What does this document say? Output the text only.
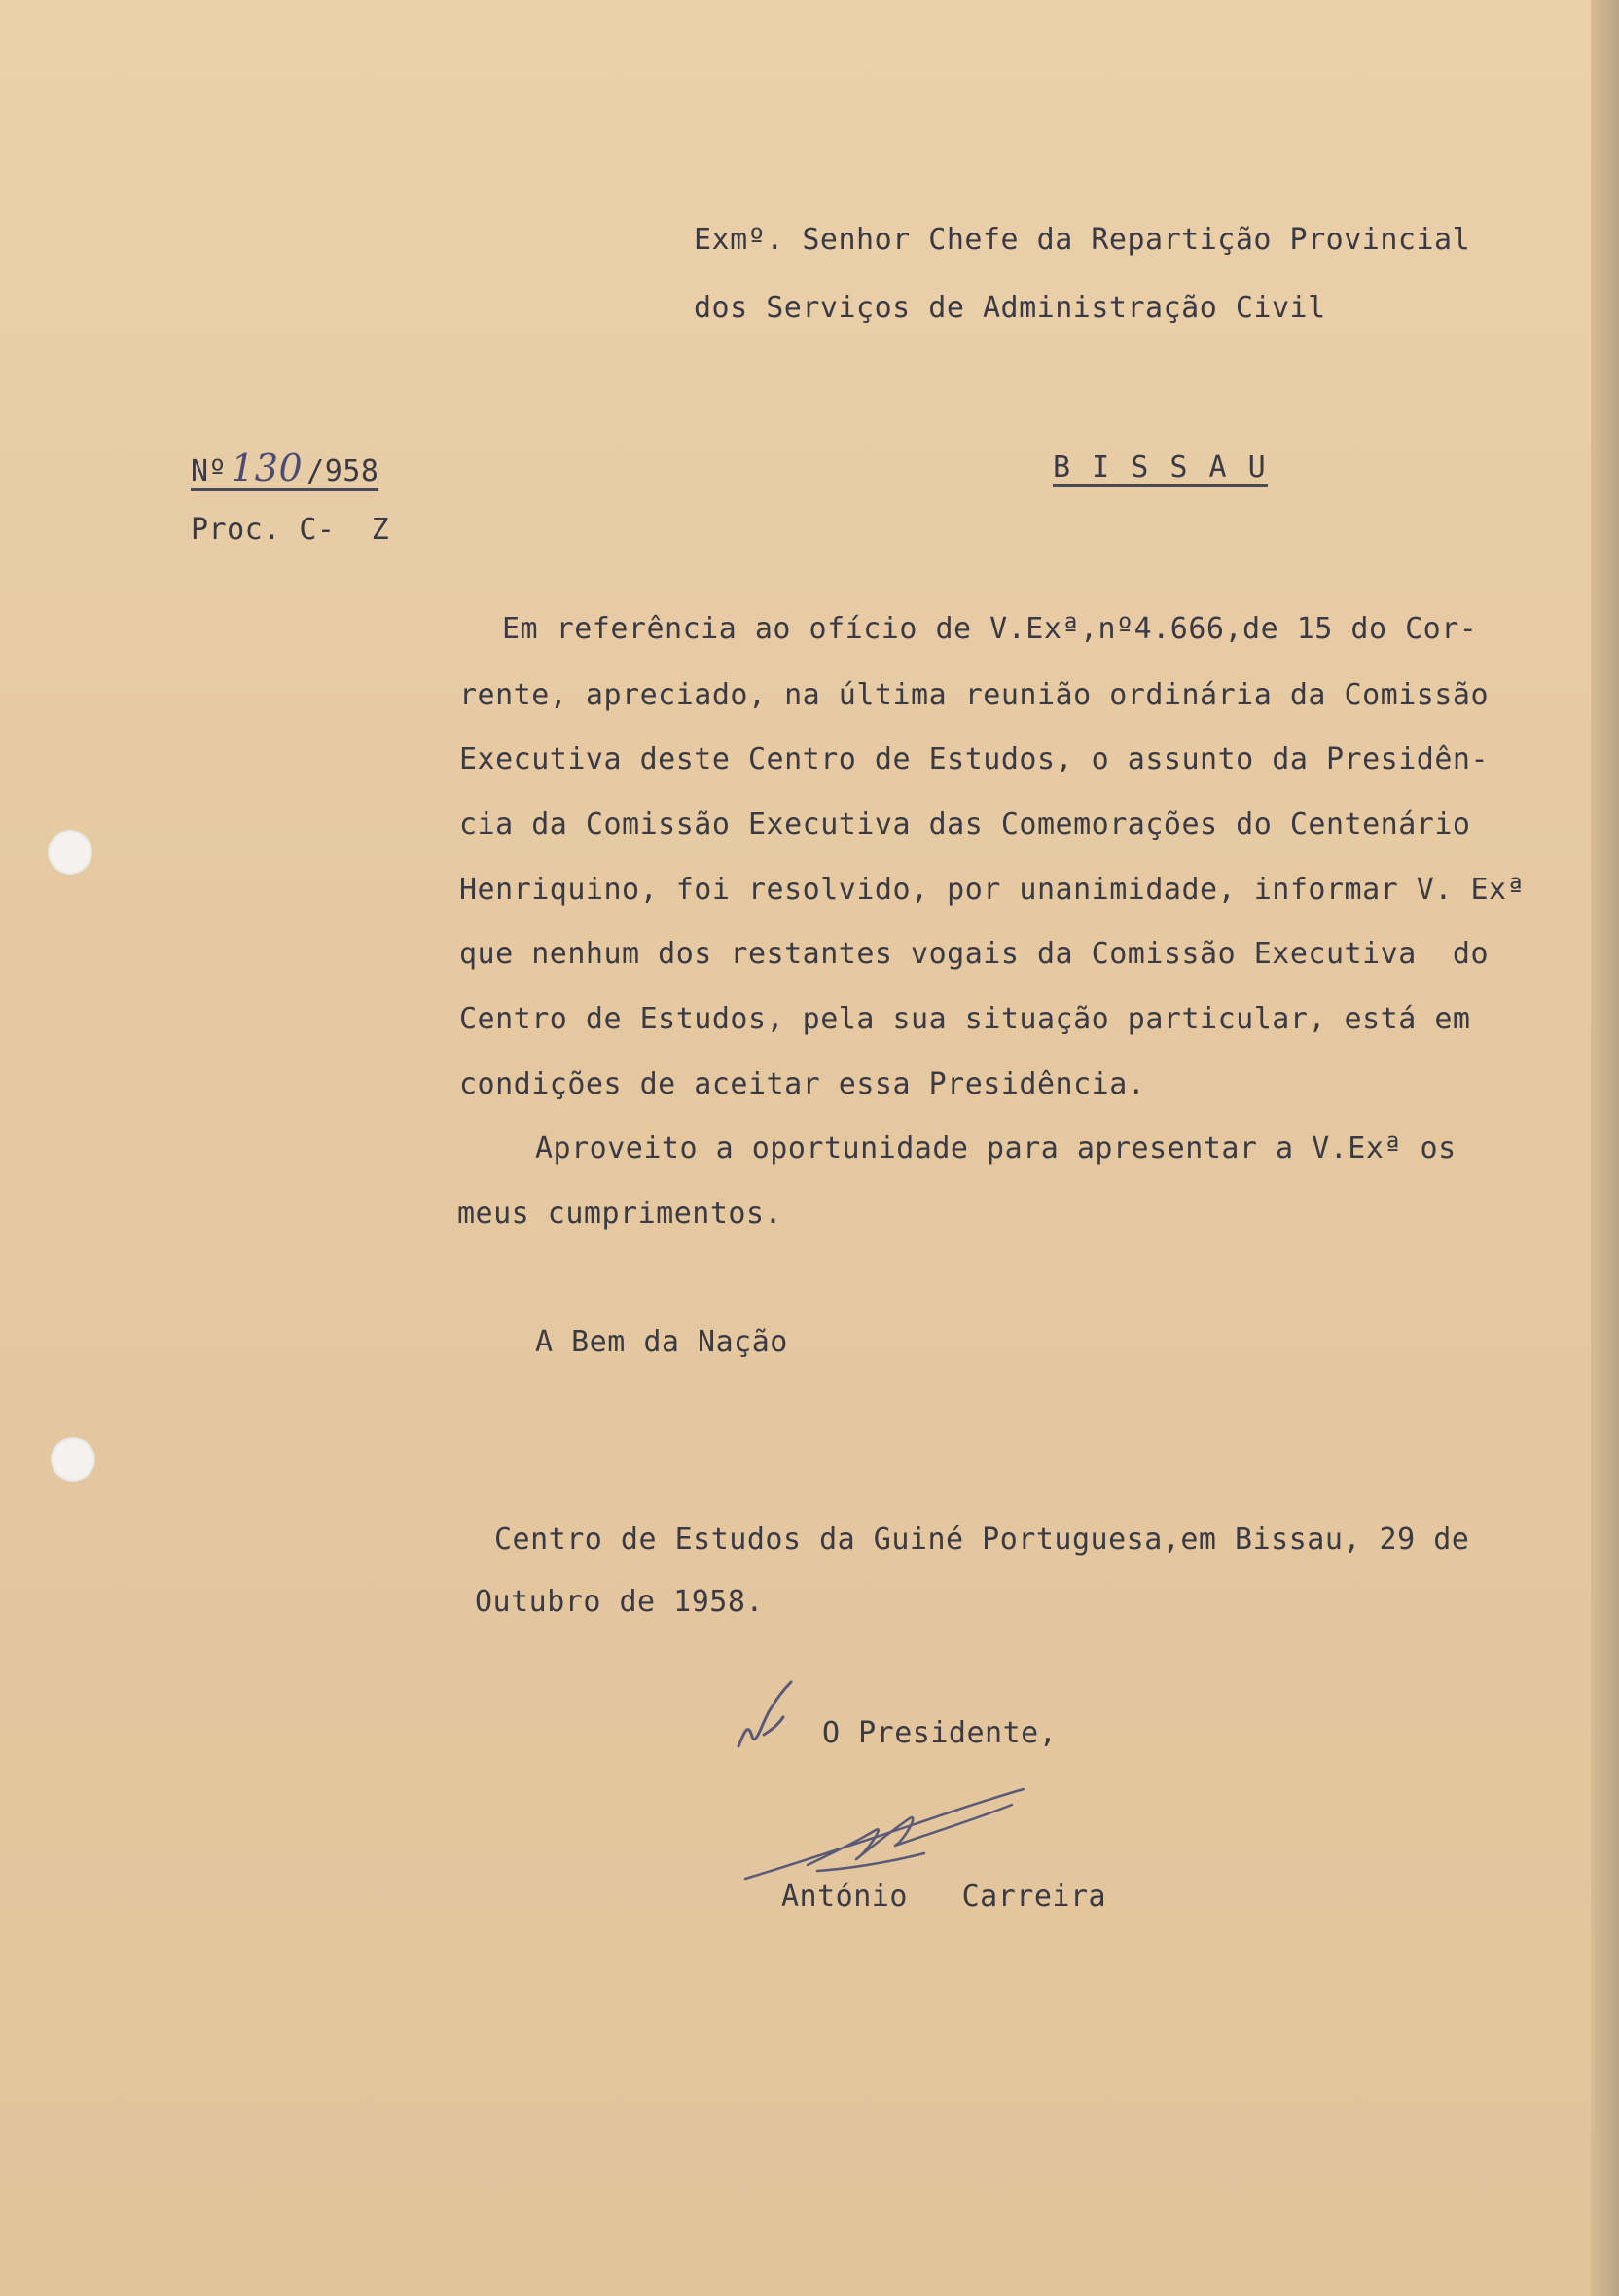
Exmº. Senhor Chefe da Repartição Provincial
dos Serviços de Administração Civil
Nº 130 /958	B I S S A U
Proc. C-  Z
Em referência ao ofício de V.Exª,nº4.666,de 15 do Cor-
rente, apreciado, na última reunião ordinária da Comissão
Executiva deste Centro de Estudos, o assunto da Presidên-
cia da Comissão Executiva das Comemorações do Centenário
Henriquino, foi resolvido, por unanimidade, informar V. Exª
que nenhum dos restantes vogais da Comissão Executiva  do
Centro de Estudos, pela sua situação particular, está em
condições de aceitar essa Presidência.
Aproveito a oportunidade para apresentar a V.Exª os
meus cumprimentos.
A Bem da Nação
Centro de Estudos da Guiné Portuguesa,em Bissau, 29 de
Outubro de 1958.
O Presidente,
António   Carreira
